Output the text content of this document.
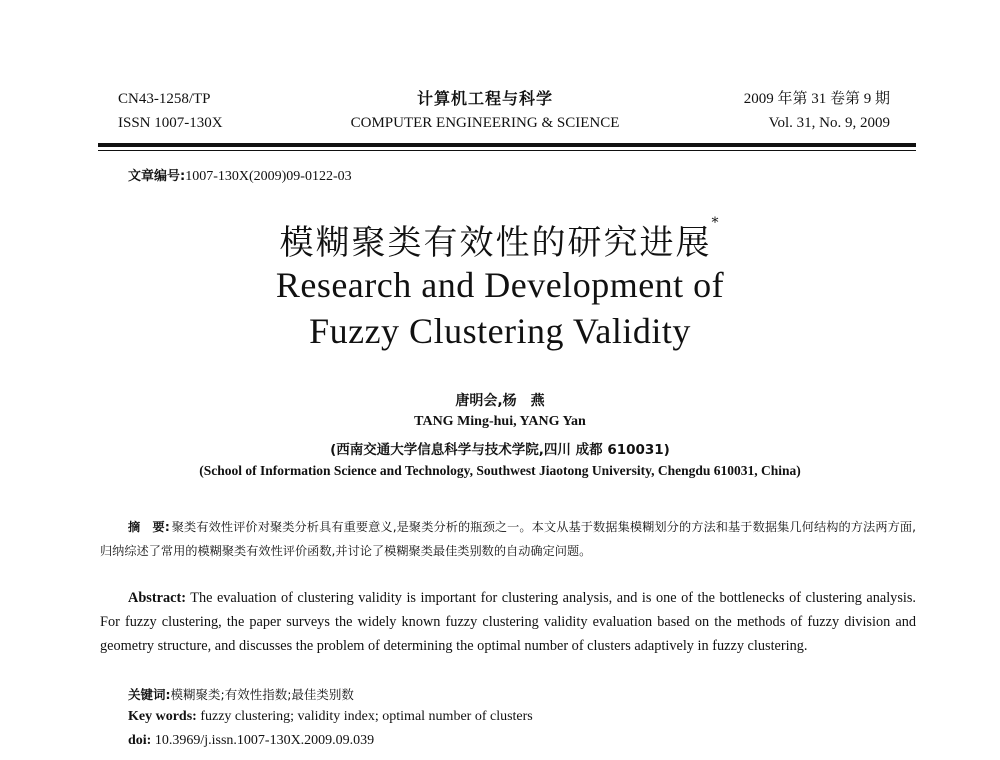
CN43-1258/TP
ISSN 1007-130X
计算机工程与科学
COMPUTER ENGINEERING & SCIENCE
2009 年第 31 卷第 9 期
Vol. 31, No. 9, 2009
文章编号:1007-130X(2009)09-0122-03
模糊聚类有效性的研究进展*
Research and Development of
Fuzzy Clustering Validity
唐明会,杨　燕
TANG Ming-hui, YANG Yan
(西南交通大学信息科学与技术学院,四川 成都 610031)
(School of Information Science and Technology, Southwest Jiaotong University, Chengdu 610031, China)
摘　要: 聚类有效性评价对聚类分析具有重要意义,是聚类分析的瓶颈之一。本文从基于数据集模糊划分的方法和基于数据集几何结构的方法两方面,归纳综述了常用的模糊聚类有效性评价函数,并讨论了模糊聚类最佳类别数的自动确定问题。
Abstract: The evaluation of clustering validity is important for clustering analysis, and is one of the bottlenecks of clustering analysis. For fuzzy clustering, the paper surveys the widely known fuzzy clustering validity evaluation based on the methods of fuzzy division and geometry structure, and discusses the problem of determining the optimal number of clusters adaptively in fuzzy clustering.
关键词:模糊聚类;有效性指数;最佳类别数
Key words: fuzzy clustering; validity index; optimal number of clusters
doi: 10.3969/j.issn.1007-130X.2009.09.039
